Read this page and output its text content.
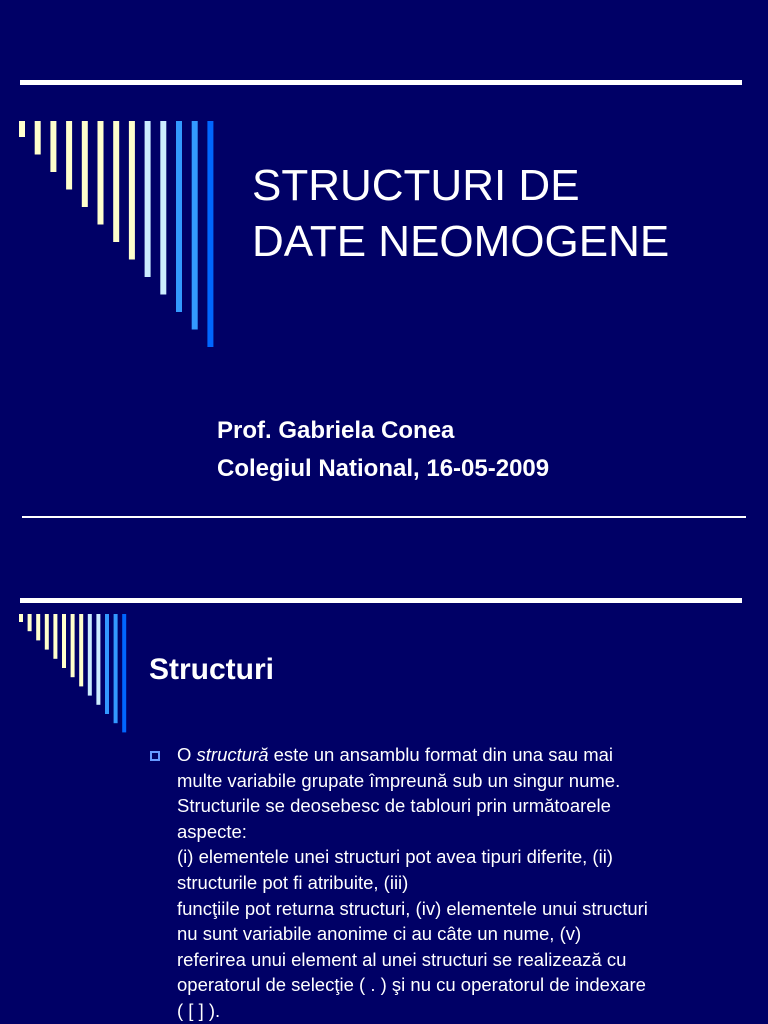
STRUCTURI DE
DATE NEOMOGENE
Prof. Gabriela Conea
Colegiul National, 16-05-2009
Structuri
O structură este un ansamblu format din una sau mai
multe variabile grupate împreună sub un singur nume.
Structurile se deosebesc de tablouri prin următoarele
aspecte:
(i) elementele unei structuri pot avea tipuri diferite, (ii)
structurile pot fi atribuite, (iii)
funcţiile pot returna structuri, (iv) elementele unui structuri
nu sunt variabile anonime ci au câte un nume, (v)
referirea unui element al unei structuri se realizează cu
operatorul de selecţie ( . ) şi nu cu operatorul de indexare
( [ ] ).
